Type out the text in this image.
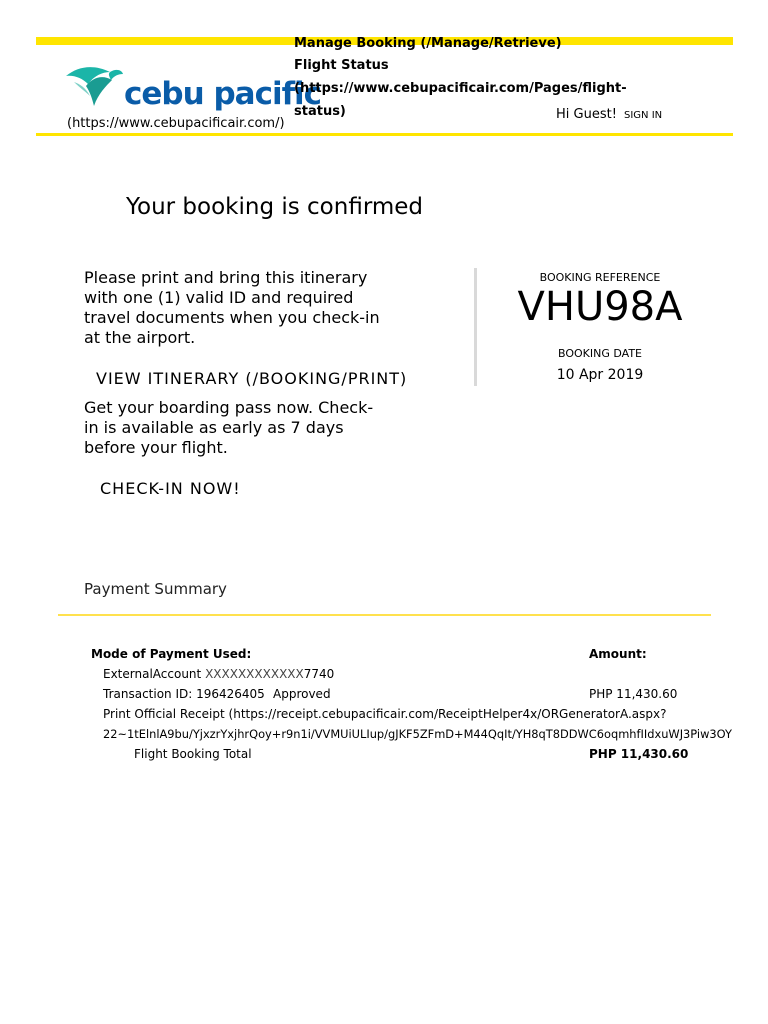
cebu pacific
(https://www.cebupacificair.com/)
Manage Booking (/Manage/Retrieve)
Flight Status
(https://www.cebupacificair.com/Pages/flight-
status)	Hi Guest! SIGN IN
Your booking is confirmed
Please print and bring this itinerary with one (1) valid ID and required travel documents when you check-in at the airport.
VIEW ITINERARY (/BOOKING/PRINT)
Get your boarding pass now. Check-in is available as early as 7 days before your flight.
CHECK-IN NOW!
BOOKING REFERENCE
VHU98A
BOOKING DATE
10 Apr 2019
Payment Summary
Mode of Payment Used:	Amount:
ExternalAccount XXXXXXXXXXXX7740
Transaction ID: 196426405 Approved	PHP 11,430.60
Print Official Receipt (https://receipt.cebupacificair.com/ReceiptHelper4x/ORGeneratorA.aspx?
22~1tElnlA9bu/YjxzrYxjhrQoy+r9n1i/VVMUiULIup/gJKF5ZFmD+M44QqIt/YH8qT8DDWC6oqmhfIIdxuWJ3Piw3OY
Flight Booking Total	PHP 11,430.60
